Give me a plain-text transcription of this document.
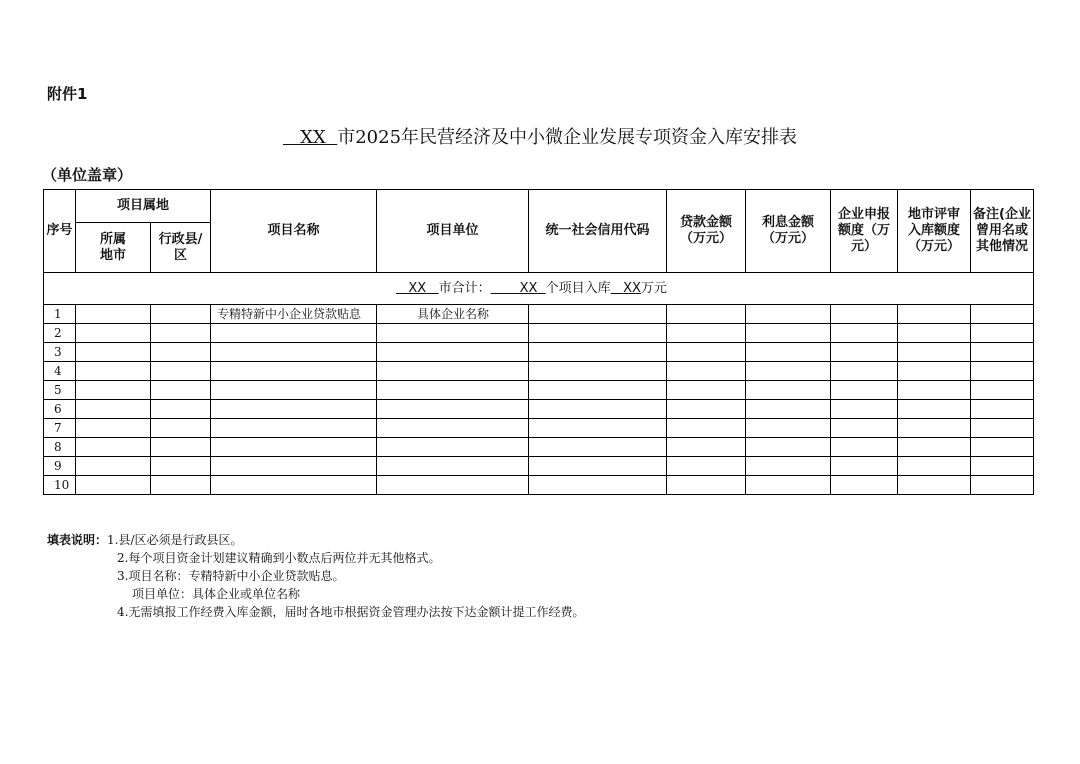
附件1
XX 市2025年民营经济及中小微企业发展专项资金入库安排表
（单位盖章）
序号	项目属地		项目名称	项目单位	统一社会信用代码	贷款金额（万元）	利息金额（万元）	企业申报额度（万元）	地市评审入库额度（万元）	备注(企业曾用名或其他情况
	所属地市	行政县/区								
XX 市合计： XX 个项目入库 XX万元										
1			专精特新中小企业贷款贴息	具体企业名称						
2										
3										
4										
5										
6										
7										
8										
9										
10										
填表说明：1.县/区必须是行政县区。
2.每个项目资金计划建议精确到小数点后两位并无其他格式。
3.项目名称：专精特新中小企业贷款贴息。
项目单位：具体企业或单位名称
4.无需填报工作经费入库金额，届时各地市根据资金管理办法按下达金额计提工作经费。
